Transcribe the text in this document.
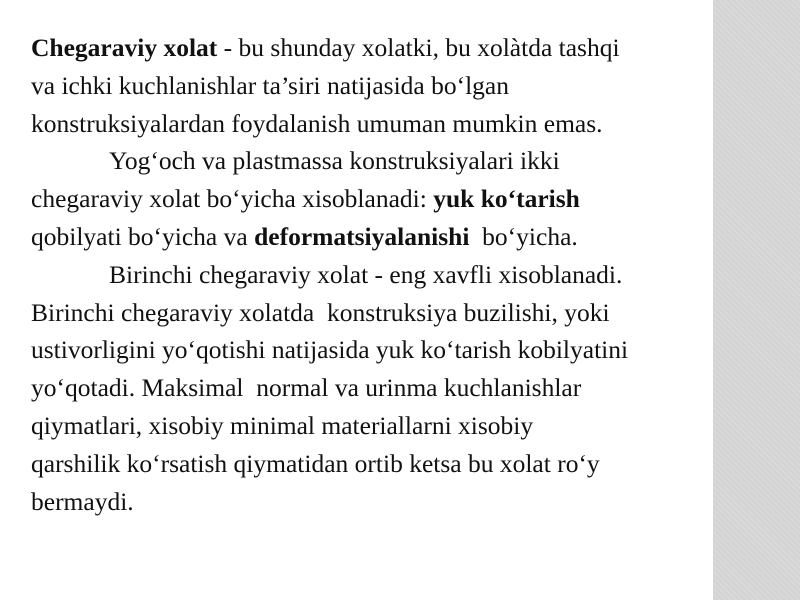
Chegaraviy xolat - bu shunday xolatki, bu xolàtda tashqi
va ichki kuchlanishlar ta’siri natijasida bo‘lgan
konstruksiyalardan foydalanish umuman mumkin emas.

Yog‘och va plastmassa konstruksiyalari ikki
chegaraviy xolat bo‘yicha xisoblanadi: yuk ko‘tarish
qobilyati bo‘yicha va deformatsiyalanishi  bo‘yicha.

Birinchi chegaraviy xolat - eng xavfli xisoblanadi.
Birinchi chegaraviy xolatda  konstruksiya buzilishi, yoki
ustivorligini yo‘qotishi natijasida yuk ko‘tarish kobilyatini
yo‘qotadi. Maksimal  normal va urinma kuchlanishlar
qiymatlari, xisobiy minimal materiallarni xisobiy
qarshilik ko‘rsatish qiymatidan ortib ketsa bu xolat ro‘y
bermaydi.
